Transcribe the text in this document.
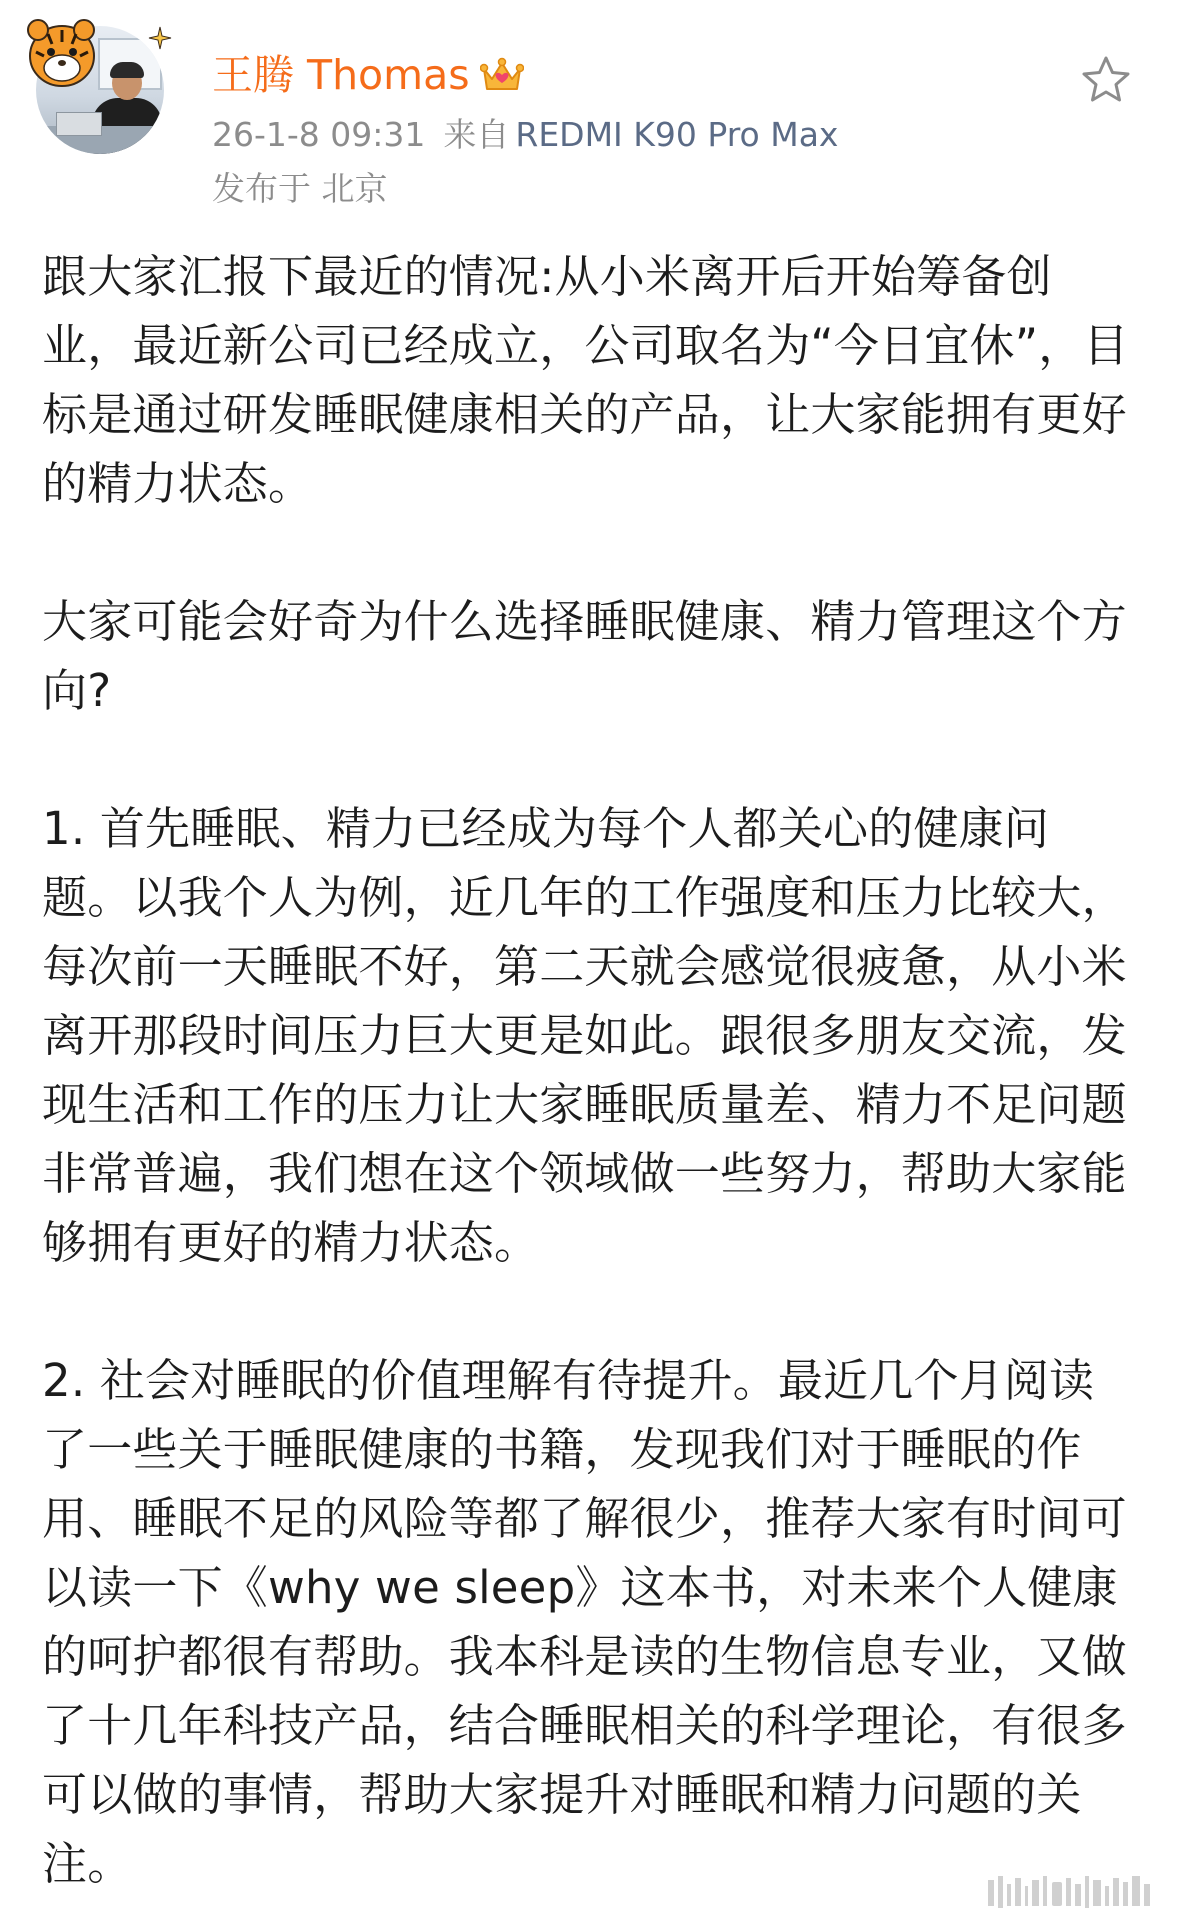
王腾 Thomas
26-1-8 09:31 来自 REDMI K90 Pro Max
发布于 北京

跟大家汇报下最近的情况:从小米离开后开始筹备创业，最近新公司已经成立，公司取名为“今日宜休”，目标是通过研发睡眠健康相关的产品，让大家能拥有更好的精力状态。

大家可能会好奇为什么选择睡眠健康、精力管理这个方向?

1. 首先睡眠、精力已经成为每个人都关心的健康问题。以我个人为例，近几年的工作强度和压力比较大，每次前一天睡眠不好，第二天就会感觉很疲惫，从小米离开那段时间压力巨大更是如此。跟很多朋友交流，发现生活和工作的压力让大家睡眠质量差、精力不足问题非常普遍，我们想在这个领域做一些努力，帮助大家能够拥有更好的精力状态。

2. 社会对睡眠的价值理解有待提升。最近几个月阅读了一些关于睡眠健康的书籍，发现我们对于睡眠的作用、睡眠不足的风险等都了解很少，推荐大家有时间可以读一下《why we sleep》这本书，对未来个人健康的呵护都很有帮助。我本科是读的生物信息专业，又做了十几年科技产品，结合睡眠相关的科学理论，有很多可以做的事情，帮助大家提升对睡眠和精力问题的关注。
